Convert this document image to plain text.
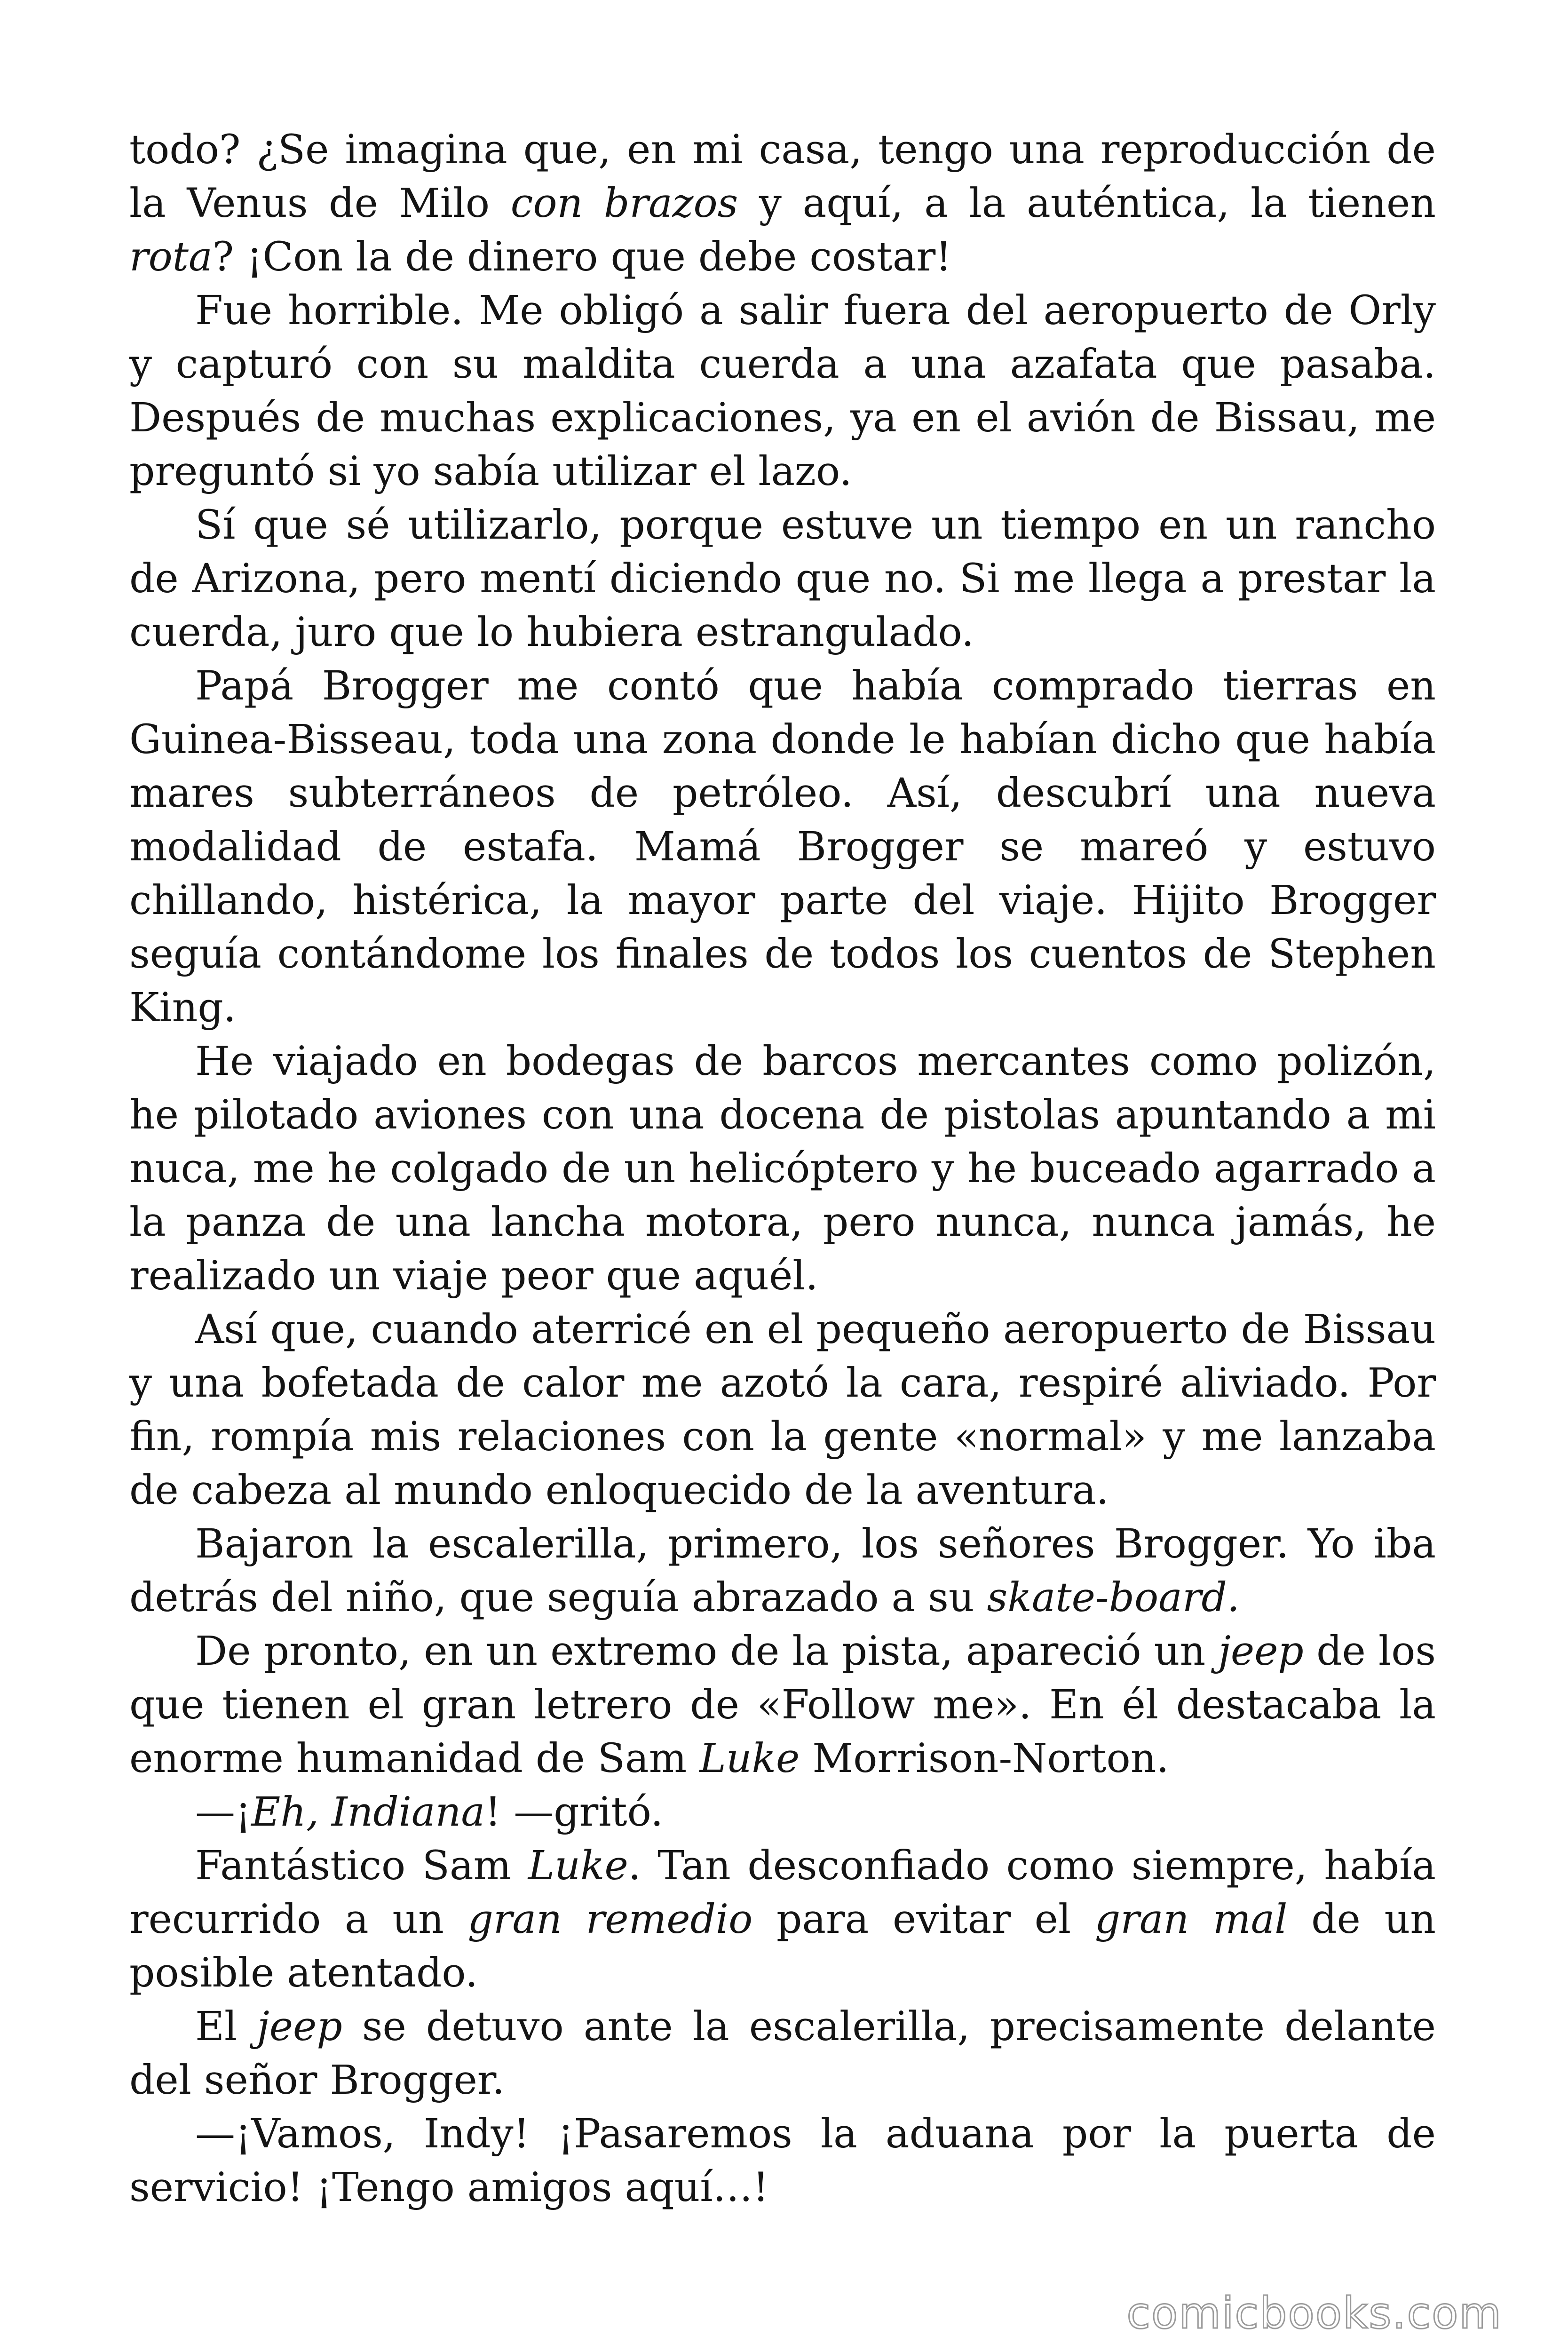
todo? ¿Se imagina que, en mi casa, tengo una reproducción de la Venus de Milo con brazos y aquí, a la auténtica, la tienen rota? ¡Con la de dinero que debe costar!

Fue horrible. Me obligó a salir fuera del aeropuerto de Orly y capturó con su maldita cuerda a una azafata que pasaba. Después de muchas explicaciones, ya en el avión de Bissau, me preguntó si yo sabía utilizar el lazo.

Sí que sé utilizarlo, porque estuve un tiempo en un rancho de Arizona, pero mentí diciendo que no. Si me llega a prestar la cuerda, juro que lo hubiera estrangulado.

Papá Brogger me contó que había comprado tierras en Guinea-Bisseau, toda una zona donde le habían dicho que había mares subterráneos de petróleo. Así, descubrí una nueva modalidad de estafa. Mamá Brogger se mareó y estuvo chillando, histérica, la mayor parte del viaje. Hijito Brogger seguía contándome los finales de todos los cuentos de Stephen King.

He viajado en bodegas de barcos mercantes como polizón, he pilotado aviones con una docena de pistolas apuntando a mi nuca, me he colgado de un helicóptero y he buceado agarrado a la panza de una lancha motora, pero nunca, nunca jamás, he realizado un viaje peor que aquél.

Así que, cuando aterricé en el pequeño aeropuerto de Bissau y una bofetada de calor me azotó la cara, respiré aliviado. Por fin, rompía mis relaciones con la gente «normal» y me lanzaba de cabeza al mundo enloquecido de la aventura.

Bajaron la escalerilla, primero, los señores Brogger. Yo iba detrás del niño, que seguía abrazado a su skate-board.

De pronto, en un extremo de la pista, apareció un jeep de los que tienen el gran letrero de «Follow me». En él destacaba la enorme humanidad de Sam Luke Morrison-Norton.

—¡Eh, Indiana! —gritó.

Fantástico Sam Luke. Tan desconfiado como siempre, había recurrido a un gran remedio para evitar el gran mal de un posible atentado.

El jeep se detuvo ante la escalerilla, precisamente delante del señor Brogger.

—¡Vamos, Indy! ¡Pasaremos la aduana por la puerta de servicio! ¡Tengo amigos aquí…!

comicbooks.com
